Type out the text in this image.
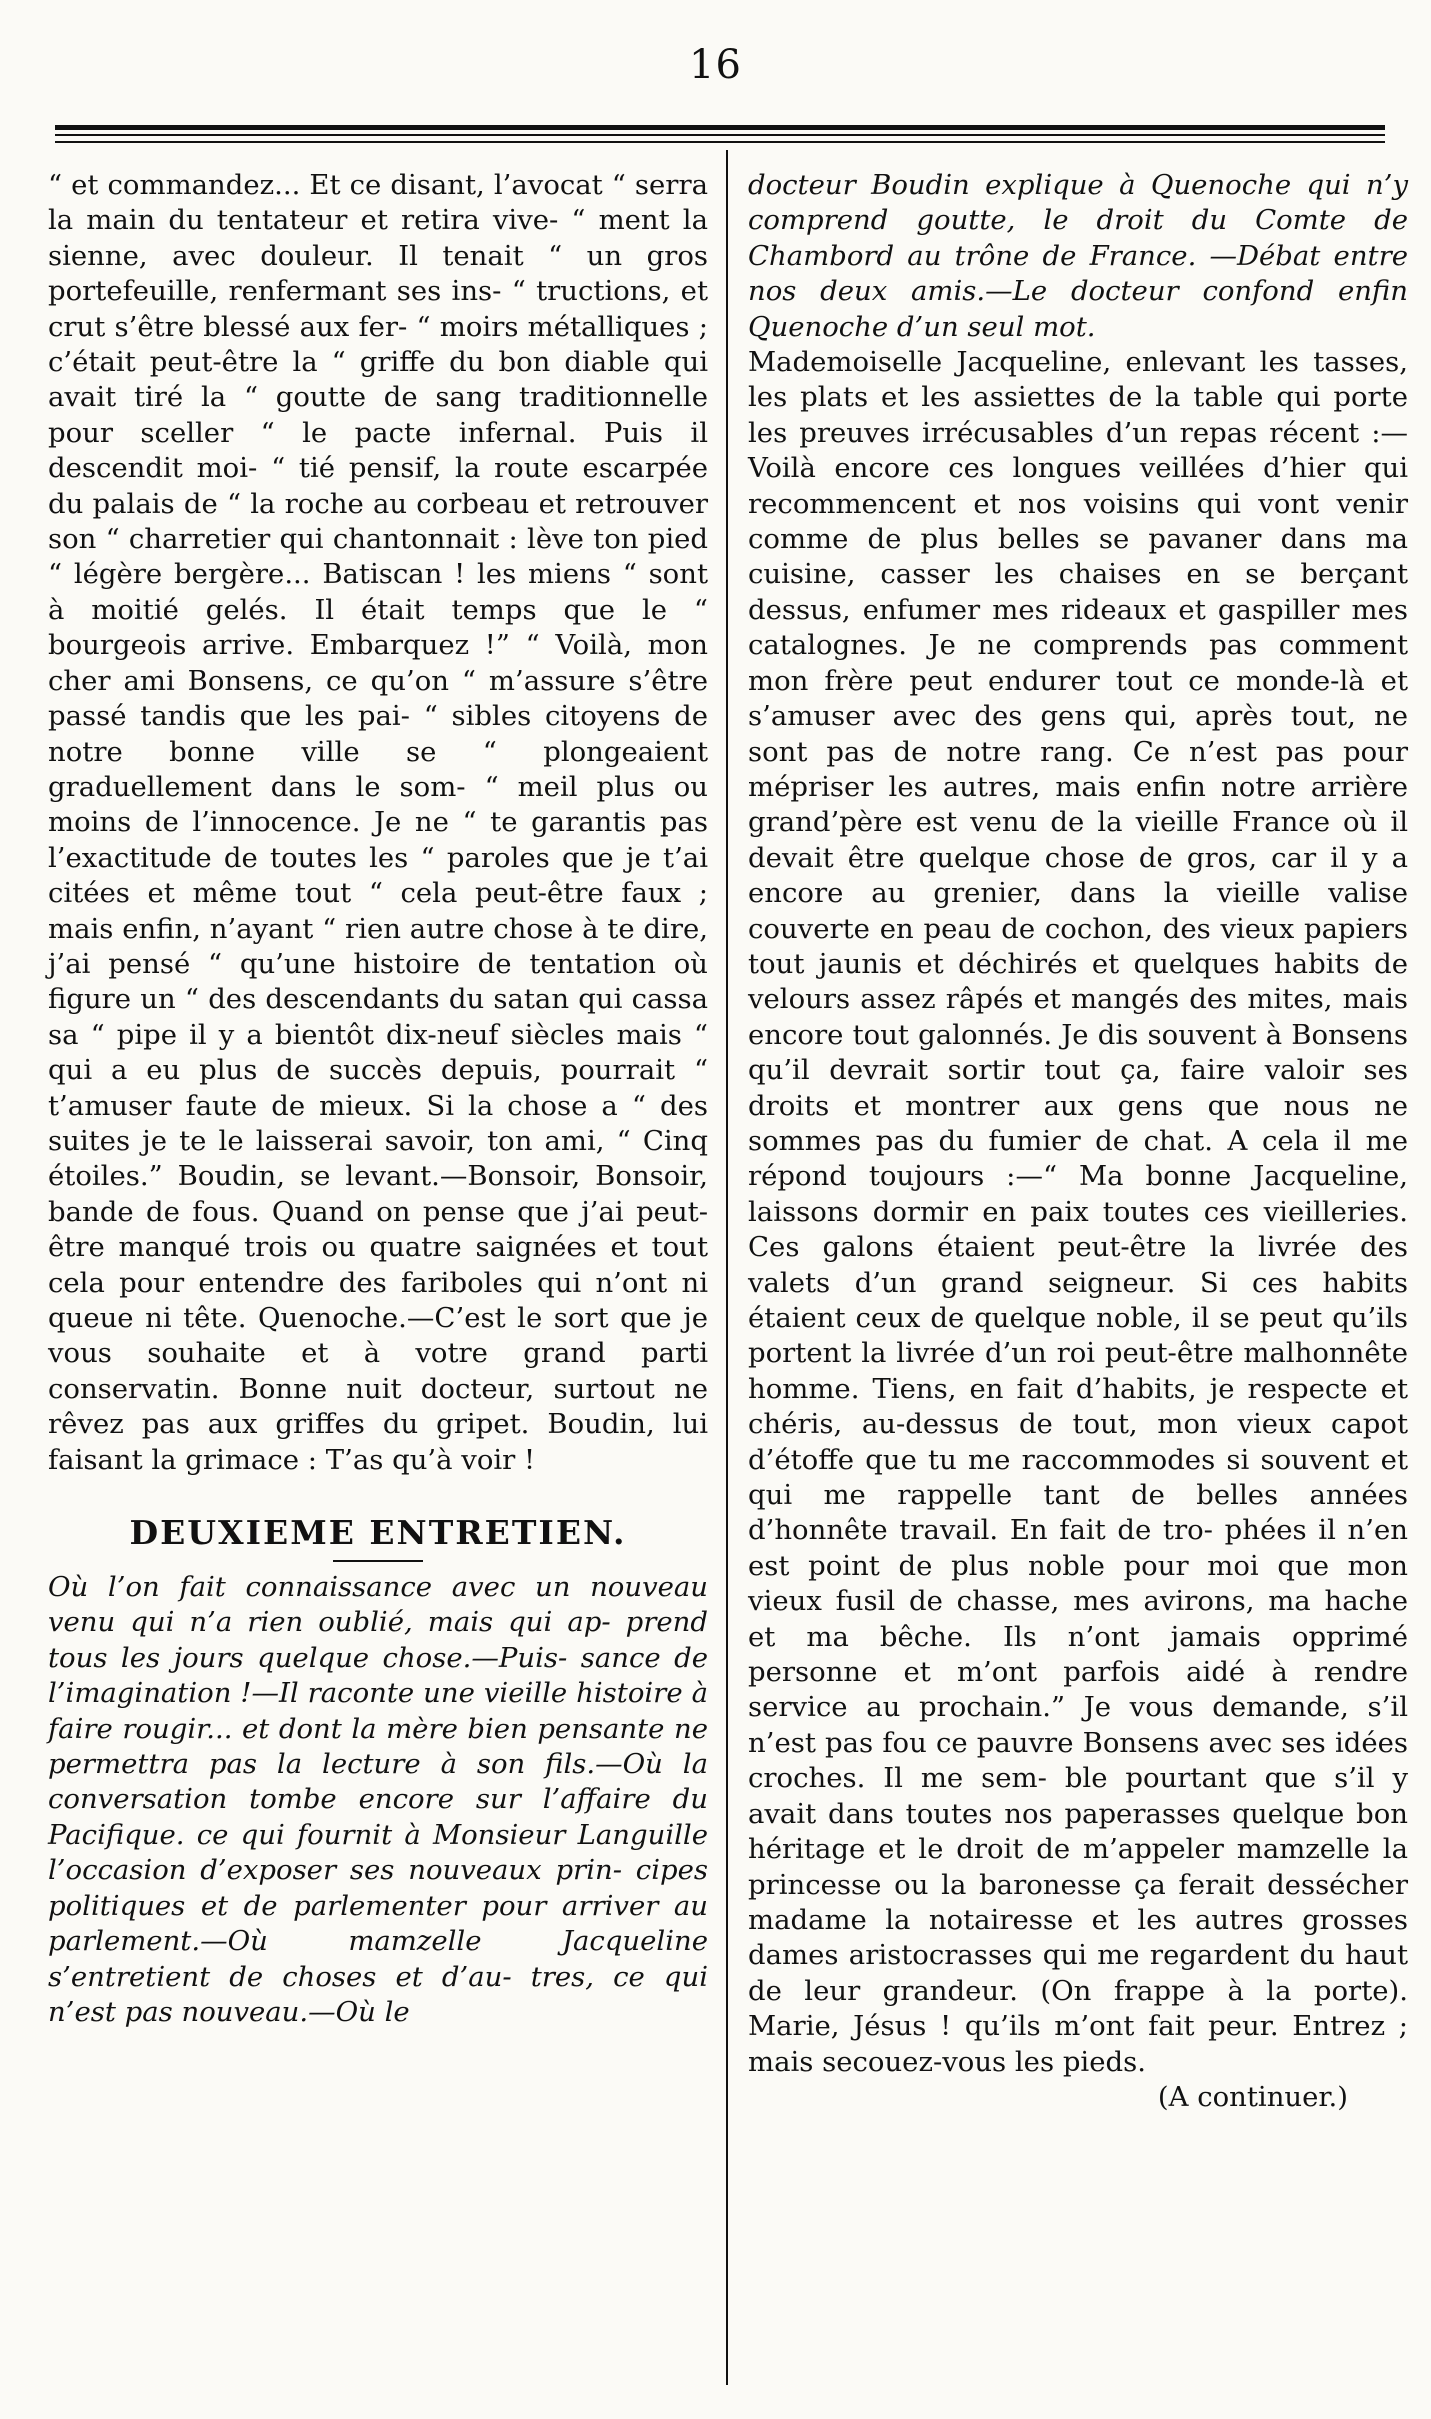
16

“ et commandez... Et ce disant, l’avocat “ serra la main du tentateur et retira vive- “ ment la sienne, avec douleur. Il tenait “ un gros portefeuille, renfermant ses ins- “ tructions, et crut s’être blessé aux fer- “ moirs métalliques ; c’était peut-être la “ griffe du bon diable qui avait tiré la “ goutte de sang traditionnelle pour sceller “ le pacte infernal. Puis il descendit moi- “ tié pensif, la route escarpée du palais de “ la roche au corbeau et retrouver son “ charretier qui chantonnait : lève ton pied “ légère bergère... Batiscan ! les miens “ sont à moitié gelés. Il était temps que le “ bourgeois arrive. Embarquez !” “ Voilà, mon cher ami Bonsens, ce qu’on “ m’assure s’être passé tandis que les pai- “ sibles citoyens de notre bonne ville se “ plongeaient graduellement dans le som- “ meil plus ou moins de l’innocence. Je ne “ te garantis pas l’exactitude de toutes les “ paroles que je t’ai citées et même tout “ cela peut-être faux ; mais enfin, n’ayant “ rien autre chose à te dire, j’ai pensé “ qu’une histoire de tentation où figure un “ des descendants du satan qui cassa sa “ pipe il y a bientôt dix-neuf siècles mais “ qui a eu plus de succès depuis, pourrait “ t’amuser faute de mieux. Si la chose a “ des suites je te le laisserai savoir, ton ami, “ Cinq étoiles.” Boudin, se levant.—Bonsoir, Bonsoir, bande de fous. Quand on pense que j’ai peut-être manqué trois ou quatre saignées et tout cela pour entendre des fariboles qui n’ont ni queue ni tête. Quenoche.—C’est le sort que je vous souhaite et à votre grand parti conservatin. Bonne nuit docteur, surtout ne rêvez pas aux griffes du gripet. Boudin, lui faisant la grimace : T’as qu’à voir !

DEUXIEME ENTRETIEN.

Où l’on fait connaissance avec un nouveau venu qui n’a rien oublié, mais qui ap- prend tous les jours quelque chose.—Puis- sance de l’imagination !—Il raconte une vieille histoire à faire rougir... et dont la mère bien pensante ne permettra pas la lecture à son fils.—Où la conversation tombe encore sur l’affaire du Pacifique. ce qui fournit à Monsieur Languille l’occasion d’exposer ses nouveaux prin- cipes politiques et de parlementer pour arriver au parlement.—Où mamzelle Jacqueline s’entretient de choses et d’au- tres, ce qui n’est pas nouveau.—Où le

docteur Boudin explique à Quenoche qui n’y comprend goutte, le droit du Comte de Chambord au trône de France. —Débat entre nos deux amis.—Le docteur confond enfin Quenoche d’un seul mot.

Mademoiselle Jacqueline, enlevant les tasses, les plats et les assiettes de la table qui porte les preuves irrécusables d’un repas récent :—Voilà encore ces longues veillées d’hier qui recommencent et nos voisins qui vont venir comme de plus belles se pavaner dans ma cuisine, casser les chaises en se berçant dessus, enfumer mes rideaux et gaspiller mes catalognes. Je ne comprends pas comment mon frère peut endurer tout ce monde-là et s’amuser avec des gens qui, après tout, ne sont pas de notre rang. Ce n’est pas pour mépriser les autres, mais enfin notre arrière grand’père est venu de la vieille France où il devait être quelque chose de gros, car il y a encore au grenier, dans la vieille valise couverte en peau de cochon, des vieux papiers tout jaunis et déchirés et quelques habits de velours assez râpés et mangés des mites, mais encore tout galonnés. Je dis souvent à Bonsens qu’il devrait sortir tout ça, faire valoir ses droits et montrer aux gens que nous ne sommes pas du fumier de chat. A cela il me répond toujours :—“ Ma bonne Jacqueline, laissons dormir en paix toutes ces vieilleries. Ces galons étaient peut-être la livrée des valets d’un grand seigneur. Si ces habits étaient ceux de quelque noble, il se peut qu’ils portent la livrée d’un roi peut-être malhonnête homme. Tiens, en fait d’habits, je respecte et chéris, au-dessus de tout, mon vieux capot d’étoffe que tu me raccommodes si souvent et qui me rappelle tant de belles années d’honnête travail. En fait de tro- phées il n’en est point de plus noble pour moi que mon vieux fusil de chasse, mes avirons, ma hache et ma bêche. Ils n’ont jamais opprimé personne et m’ont parfois aidé à rendre service au prochain.” Je vous demande, s’il n’est pas fou ce pauvre Bonsens avec ses idées croches. Il me sem- ble pourtant que s’il y avait dans toutes nos paperasses quelque bon héritage et le droit de m’appeler mamzelle la princesse ou la baronesse ça ferait dessécher madame la notairesse et les autres grosses dames aristocrasses qui me regardent du haut de leur grandeur. (On frappe à la porte). Marie, Jésus ! qu’ils m’ont fait peur. Entrez ; mais secouez-vous les pieds.

(A continuer.)
